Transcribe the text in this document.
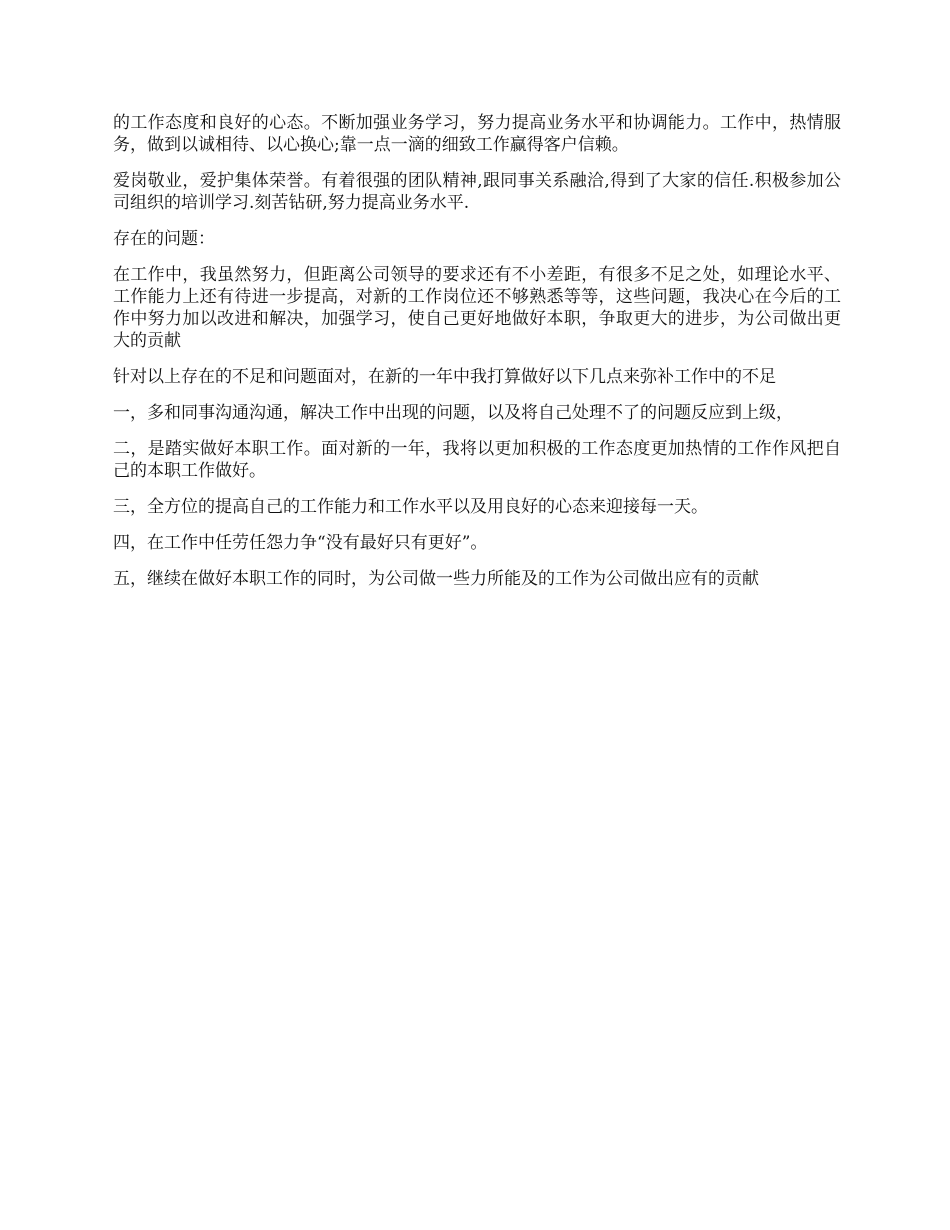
的工作态度和良好的心态。不断加强业务学习，努力提高业务水平和协调能力。工作中，热情服务，做到以诚相待、以心换心;靠一点一滴的细致工作赢得客户信赖。

爱岗敬业，爱护集体荣誉。有着很强的团队精神,跟同事关系融洽,得到了大家的信任.积极参加公司组织的培训学习.刻苦钻研,努力提高业务水平.

存在的问题：

在工作中，我虽然努力，但距离公司领导的要求还有不小差距，有很多不足之处，如理论水平、工作能力上还有待进一步提高，对新的工作岗位还不够熟悉等等，这些问题，我决心在今后的工作中努力加以改进和解决，加强学习，使自己更好地做好本职，争取更大的进步，为公司做出更大的贡献

针对以上存在的不足和问题面对，在新的一年中我打算做好以下几点来弥补工作中的不足

一，多和同事沟通沟通，解决工作中出现的问题，以及将自己处理不了的问题反应到上级，

二，是踏实做好本职工作。面对新的一年，我将以更加积极的工作态度更加热情的工作作风把自己的本职工作做好。

三，全方位的提高自己的工作能力和工作水平以及用良好的心态来迎接每一天。

四，在工作中任劳任怨力争“没有最好只有更好”。

五，继续在做好本职工作的同时，为公司做一些力所能及的工作为公司做出应有的贡献
